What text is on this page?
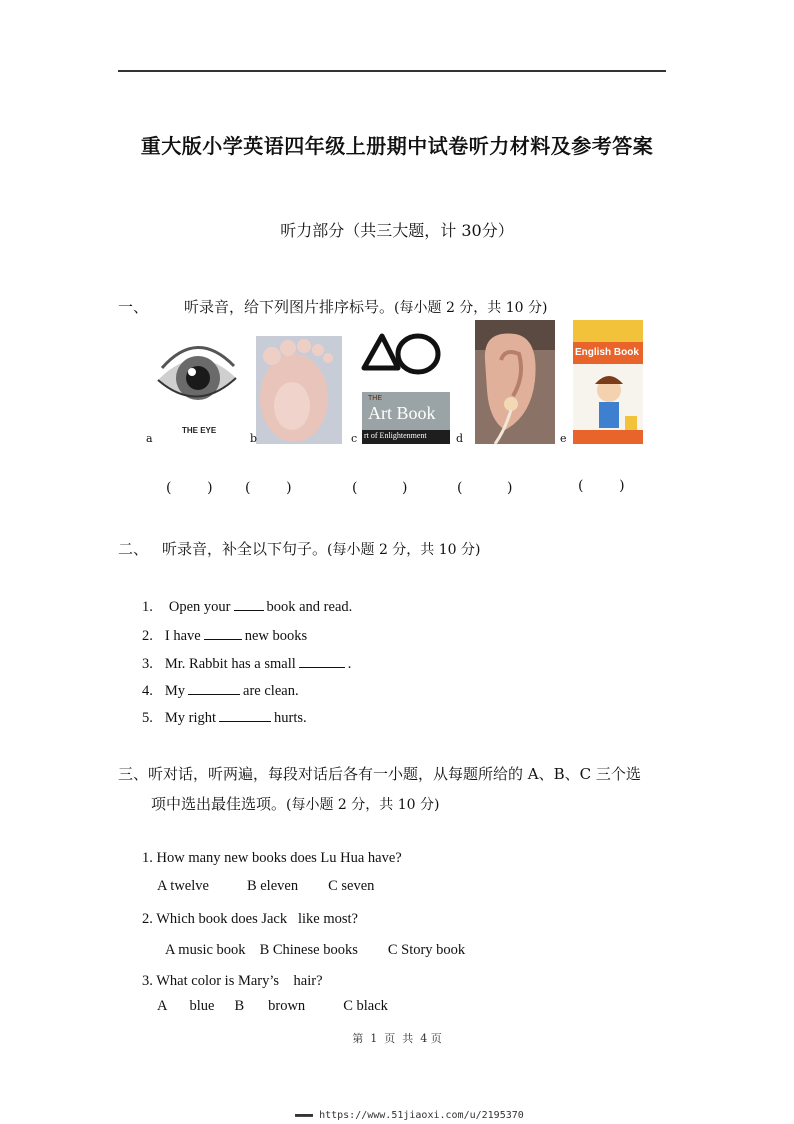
重大版小学英语四年级上册期中试卷听力材料及参考答案
听力部分（共三大题，计 30分）
一、 听录音，给下列图片排序标号。(每小题 2 分，共 10 分)
THE EYE
a	b
THE
Art Book
rt of Enlightenment
c	d
English Book
e
(        ) (        )	(          )	(          )	(        )
二、 听录音，补全以下句子。(每小题 2 分，共 10 分)
1. Open your book and read.
2. I have	new books
3. Mr. Rabbit has a small	.
4. My	are clean.
5. My right	hurts.
三、听对话，听两遍，每段对话后各有一小题，从每题所给的 A、B、C 三个选
项中选出最佳选项。(每小题 2 分，共 10 分)
1. How many new books does Lu Hua have?
A twelve	B eleven C seven
2. Which book does Jack   like most?
A music book B Chinese books C Story book
3. What color is Mary’s    hair?
A blue B brown	C black
第  1  页  共  4 页
▬▬▬ https://www.51jiaoxi.com/u/2195370
